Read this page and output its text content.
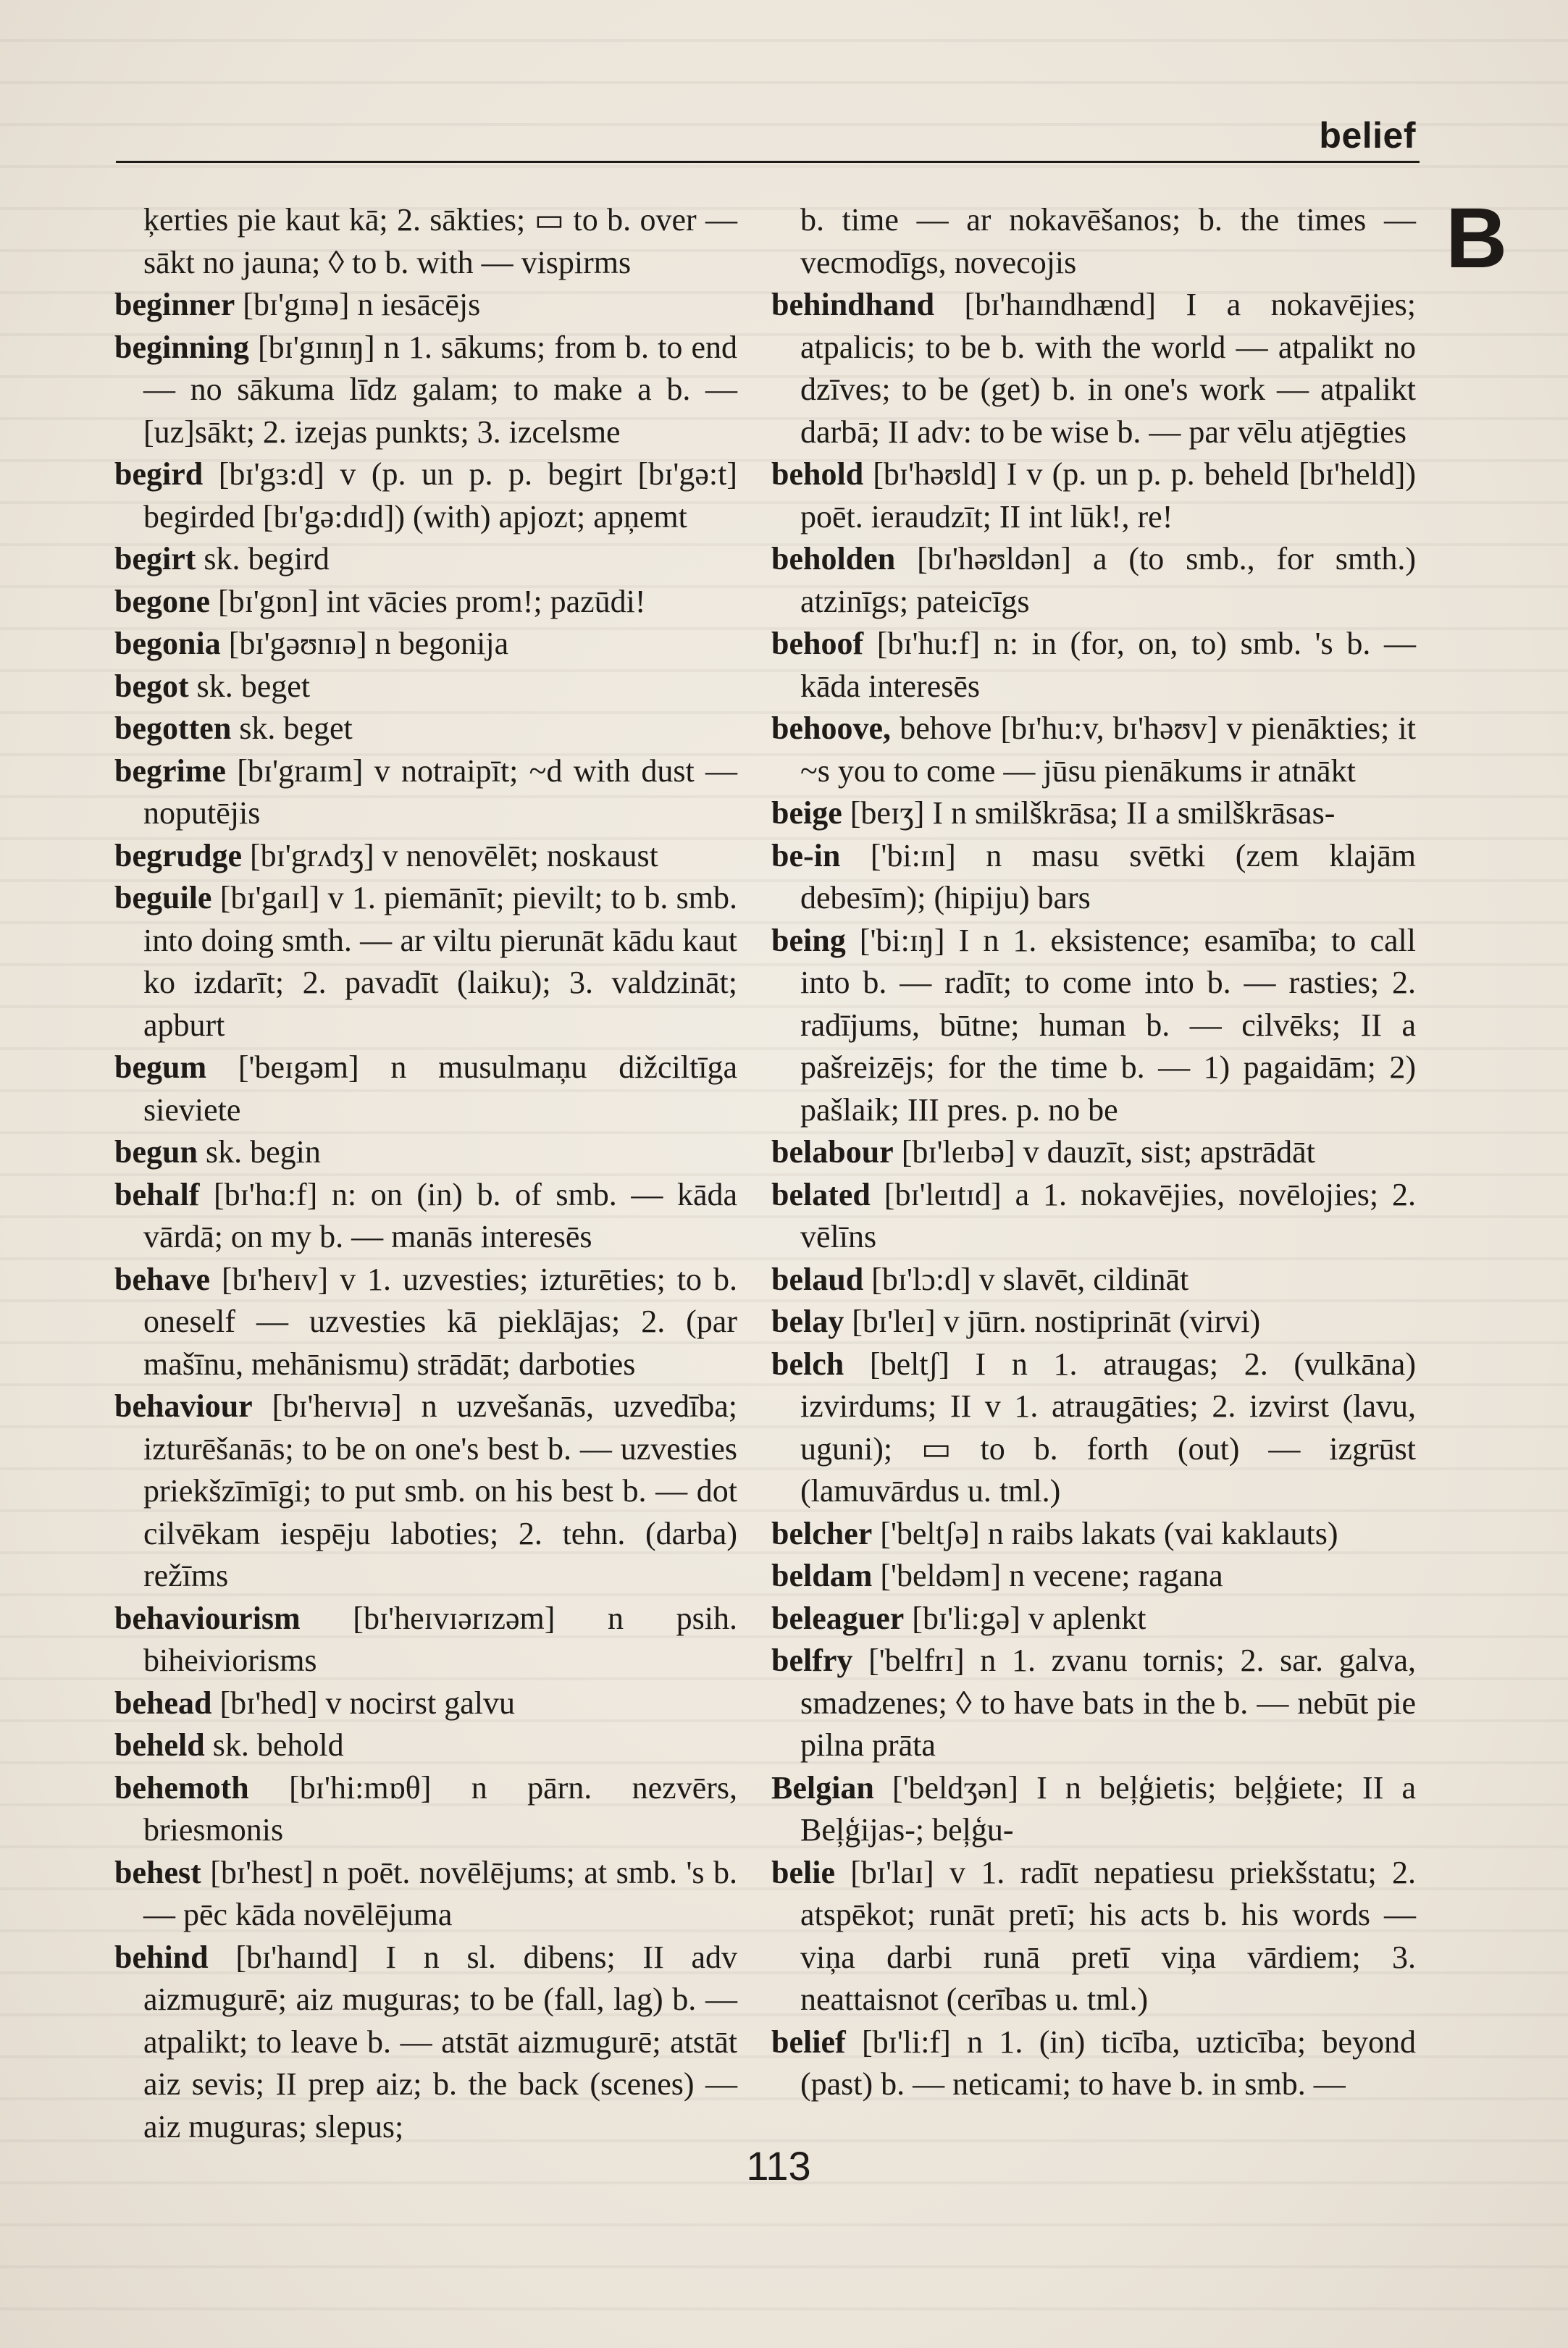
belief
B

ķerties pie kaut kā; 2. sākties; ▭ to b. over — sākt no jauna; ◊ to b. with — vispirms

beginner [bɪ'gɪnə] n iesācējs

beginning [bɪ'gɪnɪŋ] n 1. sākums; from b. to end — no sākuma līdz galam; to make a b. — [uz]sākt; 2. izejas punkts; 3. izcelsme

begird [bɪ'gɜ:d] v (p. un p. p. begirt [bɪ'gə:t] begirded [bɪ'gə:dɪd]) (with) apjozt; apņemt

begirt sk. begird

begone [bɪ'gɒn] int vācies prom!; pazūdi!

begonia [bɪ'gəʊnɪə] n begonija

begot sk. beget

begotten sk. beget

begrime [bɪ'graɪm] v notraipīt; ~d with dust — noputējis

begrudge [bɪ'grʌdʒ] v nenovēlēt; noskaust

beguile [bɪ'gaɪl] v 1. piemānīt; pievilt; to b. smb. into doing smth. — ar viltu pierunāt kādu kaut ko izdarīt; 2. pavadīt (laiku); 3. valdzināt; apburt

begum ['beɪgəm] n musulmaņu dižciltīga sieviete

begun sk. begin

behalf [bɪ'hɑ:f] n: on (in) b. of smb. — kāda vārdā; on my b. — manās interesēs

behave [bɪ'heɪv] v 1. uzvesties; izturēties; to b. oneself — uzvesties kā pieklājas; 2. (par mašīnu, mehānismu) strādāt; darboties

behaviour [bɪ'heɪvɪə] n uzvešanās, uzvedība; izturēšanās; to be on one's best b. — uzvesties priekšzīmīgi; to put smb. on his best b. — dot cilvēkam iespēju laboties; 2. tehn. (darba) režīms

behaviourism [bɪ'heɪvɪərɪzəm] n psih. biheiviorisms

behead [bɪ'hed] v nocirst galvu

beheld sk. behold

behemoth [bɪ'hi:mɒθ] n pārn. nezvērs, briesmonis

behest [bɪ'hest] n poēt. novēlējums; at smb. 's b. — pēc kāda novēlējuma

behind [bɪ'haɪnd] I n sl. dibens; II adv aizmugurē; aiz muguras; to be (fall, lag) b. — atpalikt; to leave b. — atstāt aizmugurē; atstāt aiz sevis; II prep aiz; b. the back (scenes) — aiz muguras; slepus;

b. time — ar nokavēšanos; b. the times — vecmodīgs, novecojis

behindhand [bɪ'haɪndhænd] I a nokavējies; atpalicis; to be b. with the world — atpalikt no dzīves; to be (get) b. in one's work — atpalikt darbā; II adv: to be wise b. — par vēlu atjēgties

behold [bɪ'həʊld] I v (p. un p. p. beheld [bɪ'held]) poēt. ieraudzīt; II int lūk!, re!

beholden [bɪ'həʊldən] a (to smb., for smth.) atzinīgs; pateicīgs

behoof [bɪ'hu:f] n: in (for, on, to) smb. 's b. — kāda interesēs

behoove, behove [bɪ'hu:v, bɪ'həʊv] v pienākties; it ~s you to come — jūsu pienākums ir atnākt

beige [beɪʒ] I n smilškrāsa; II a smilškrāsas-

be-in ['bi:ɪn] n masu svētki (zem klajām debesīm); (hipiju) bars

being ['bi:ɪŋ] I n 1. eksistence; esamība; to call into b. — radīt; to come into b. — rasties; 2. radījums, būtne; human b. — cilvēks; II a pašreizējs; for the time b. — 1) pagaidām; 2) pašlaik; III pres. p. no be

belabour [bɪ'leɪbə] v dauzīt, sist; apstrādāt

belated [bɪ'leɪtɪd] a 1. nokavējies, novēlojies; 2. vēlīns

belaud [bɪ'lɔ:d] v slavēt, cildināt

belay [bɪ'leɪ] v jūrn. nostiprināt (virvi)

belch [beltʃ] I n 1. atraugas; 2. (vulkāna) izvirdums; II v 1. atraugāties; 2. izvirst (lavu, uguni); ▭ to b. forth (out) — izgrūst (lamuvārdus u. tml.)

belcher ['beltʃə] n raibs lakats (vai kaklauts)

beldam ['beldəm] n vecene; ragana

beleaguer [bɪ'li:gə] v aplenkt

belfry ['belfrɪ] n 1. zvanu tornis; 2. sar. galva, smadzenes; ◊ to have bats in the b. — nebūt pie pilna prāta

Belgian ['beldʒən] I n beļģietis; beļģiete; II a Beļģijas-; beļģu-

belie [bɪ'laɪ] v 1. radīt nepatiesu priekšstatu; 2. atspēkot; runāt pretī; his acts b. his words — viņa darbi runā pretī viņa vārdiem; 3. neattaisnot (cerības u. tml.)

belief [bɪ'li:f] n 1. (in) ticība, uzticība; beyond (past) b. — neticami; to have b. in smb. —

113
